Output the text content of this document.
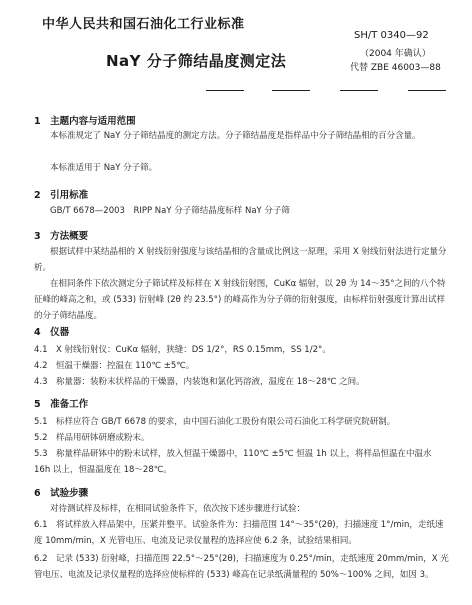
中华人民共和国石油化工行业标准
SH/T 0340—92
NaY 分子筛结晶度测定法	（2004 年确认）
代替 ZBE 46003—88
1　主题内容与适用范围
本标准规定了 NaY 分子筛结晶度的测定方法。分子筛结晶度是指样品中分子筛结晶相的百分含量。
本标准适用于 NaY 分子筛。
2　引用标准
GB/T 6678—2003　RIPP NaY 分子筛结晶度标样 NaY 分子筛
3　方法概要
根据试样中某结晶相的 X 射线衍射强度与该结晶相的含量成比例这一原理，采用 X 射线衍射法进行定量分析。
在相同条件下依次测定分子筛试样及标样在 X 射线衍射图，CuKα 辐射，以 2θ 为 14～35°之间的八个特征峰的峰高之和，或 (533) 衍射峰 (2θ 约 23.5°) 的峰高作为分子筛的衍射强度，由标样衍射强度计算出试样的分子筛结晶度。
4　仪器
4.1　X 射线衍射仪：CuKα 辐射，狭缝：DS 1/2°，RS 0.15mm，SS 1/2°。
4.2　恒温干燥器：控温在 110℃ ±5℃。
4.3　称量器：装粉末状样品的干燥器，内装饱和氯化钙溶液，温度在 18～28℃ 之间。
5　准备工作
5.1　标样应符合 GB/T 6678 的要求，由中国石油化工股份有限公司石油化工科学研究院研制。
5.2　样品用研钵研磨成粉末。
5.3　称量样品研钵中的粉末试样，放入恒温干燥器中，110℃ ±5℃ 恒温 1h 以上，将样品恒温在中温水 16h 以上，恒温温度在 18～28℃。
6　试验步骤
对待测试样及标样，在相同试验条件下，依次按下述步骤进行试验：
6.1　将试样放入样品架中，压紧并整平。试验条件为：扫描范围 14°～35°(2θ)，扫描速度 1°/min，走纸速度 10mm/min，X 光管电压、电流及记录仪量程的选择应使 6.2 条，试验结果相同。
6.2　记录 (533) 衍射峰，扫描范围 22.5°～25°(2θ)，扫描速度为 0.25°/min，走纸速度 20mm/min，X 光管电压、电流及记录仪量程的选择应使标样的 (533) 峰高在记录纸满量程的 50%～100% 之间，如因 3。
